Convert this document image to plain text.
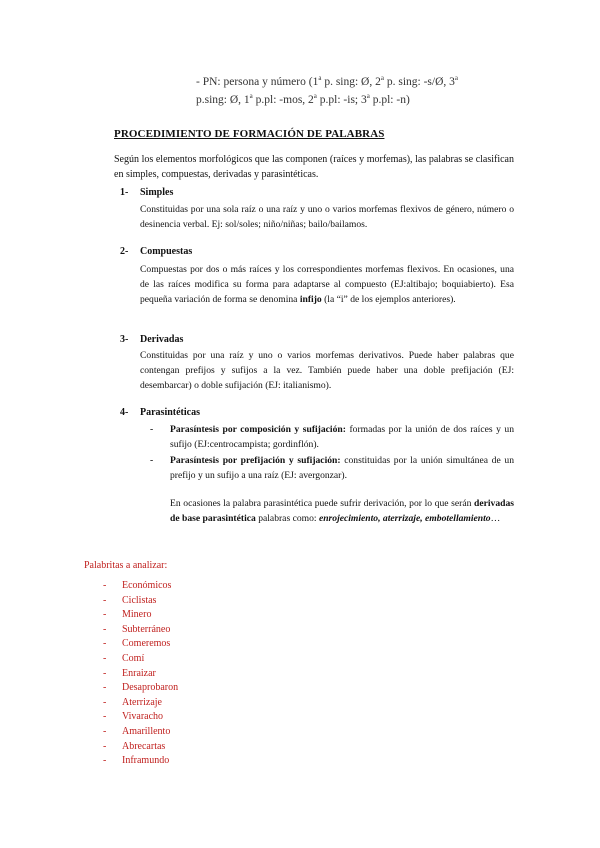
- PN: persona y número (1$^a$ p. sing: Ø, 2$^a$ p. sing: -s/Ø, 3$^a$
p.sing: Ø, 1$^a$ p.pl: -mos, 2$^a$ p.pl: -is; 3$^a$ p.pl: -n)
PROCEDIMIENTO DE FORMACIÓN DE PALABRAS
Según los elementos morfológicos que las componen (raíces y morfemas), las palabras se clasifican en simples, compuestas, derivadas y parasintéticas.
1- Simples
Constituidas por una sola raíz o una raíz y uno o varios morfemas flexivos de género, número o desinencia verbal. Ej: sol/soles; niño/niñas; bailo/bailamos.
2- Compuestas
Compuestas por dos o más raíces y los correspondientes morfemas flexivos. En ocasiones, una de las raíces modifica su forma para adaptarse al compuesto (EJ:altibajo; boquiabierto). Esa pequeña variación de forma se denomina infijo (la “i” de los ejemplos anteriores).
3- Derivadas
Constituidas por una raíz y uno o varios morfemas derivativos. Puede haber palabras que contengan prefijos y sufijos a la vez. También puede haber una doble prefijación (EJ: desembarcar) o doble sufijación (EJ: italianismo).
4- Parasintéticas
- Parasíntesis por composición y sufijación: formadas por la unión de dos raíces y un sufijo (EJ:centrocampista; gordinflón).
- Parasíntesis por prefijación y sufijación: constituidas por la unión simultánea de un prefijo y un sufijo a una raíz (EJ: avergonzar).
En ocasiones la palabra parasintética puede sufrir derivación, por lo que serán derivadas de base parasintética palabras como: enrojecimiento, aterrizaje, embotellamiento…
Palabritas a analizar:
- Económicos
- Ciclistas
- Minero
- Subterráneo
- Comeremos
- Comí
- Enraizar
- Desaprobaron
- Aterrizaje
- Vivaracho
- Amarillento
- Abrecartas
- Inframundo
